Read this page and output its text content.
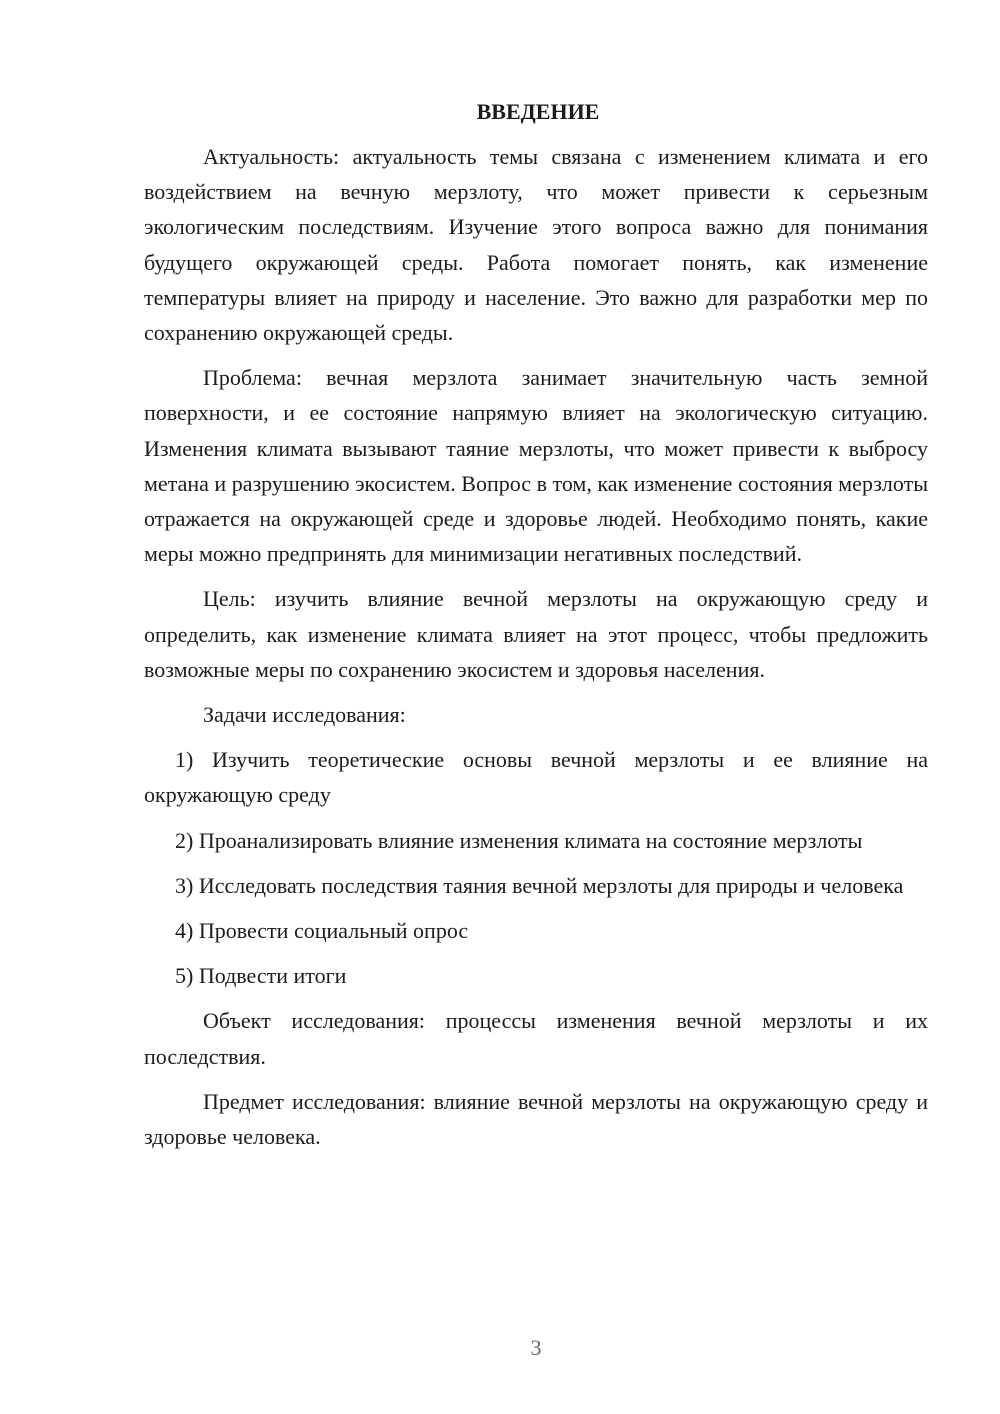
ВВЕДЕНИЕ

Актуальность: актуальность темы связана с изменением климата и его воздействием на вечную мерзлоту, что может привести к серьезным экологическим последствиям. Изучение этого вопроса важно для понимания будущего окружающей среды. Работа помогает понять, как изменение температуры влияет на природу и население. Это важно для разработки мер по сохранению окружающей среды.

Проблема: вечная мерзлота занимает значительную часть земной поверхности, и ее состояние напрямую влияет на экологическую ситуацию. Изменения климата вызывают таяние мерзлоты, что может привести к выбросу метана и разрушению экосистем. Вопрос в том, как изменение состояния мерзлоты отражается на окружающей среде и здоровье людей. Необходимо понять, какие меры можно предпринять для минимизации негативных последствий.

Цель: изучить влияние вечной мерзлоты на окружающую среду и определить, как изменение климата влияет на этот процесс, чтобы предложить возможные меры по сохранению экосистем и здоровья населения.

Задачи исследования:

1) Изучить теоретические основы вечной мерзлоты и ее влияние на окружающую среду

2) Проанализировать влияние изменения климата на состояние мерзлоты

3) Исследовать последствия таяния вечной мерзлоты для природы и человека

4) Провести социальный опрос

5) Подвести итоги

Объект исследования: процессы изменения вечной мерзлоты и их последствия.

Предмет исследования: влияние вечной мерзлоты на окружающую среду и здоровье человека.

3
